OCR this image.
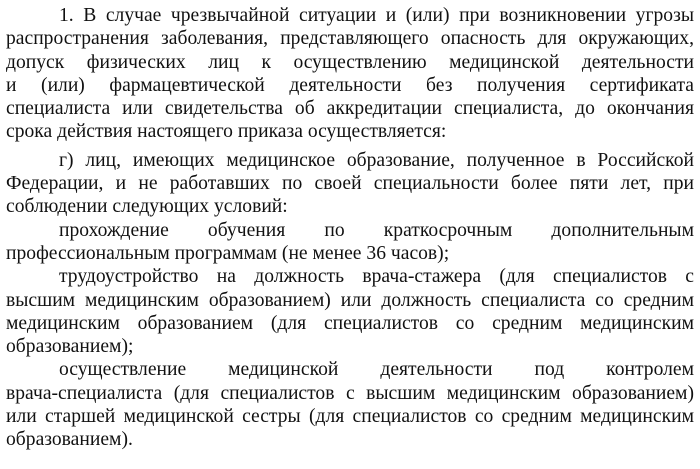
1. В случае чрезвычайной ситуации и (или) при возникновении угрозы
распространения заболевания, представляющего опасность для окружающих,
допуск физических лиц к осуществлению медицинской деятельности
и (или) фармацевтической деятельности без получения сертификата
специалиста или свидетельства об аккредитации специалиста, до окончания
срока действия настоящего приказа осуществляется:
г) лиц, имеющих медицинское образование, полученное в Российской
Федерации, и не работавших по своей специальности более пяти лет, при
соблюдении следующих условий:
прохождение обучения по краткосрочным дополнительным
профессиональным программам (не менее 36 часов);
трудоустройство на должность врача-стажера (для специалистов с
высшим медицинским образованием) или должность специалиста со средним
медицинским образованием (для специалистов со средним медицинским
образованием);
осуществление медицинской деятельности под контролем
врача-специалиста (для специалистов с высшим медицинским образованием)
или старшей медицинской сестры (для специалистов со средним медицинским
образованием).
